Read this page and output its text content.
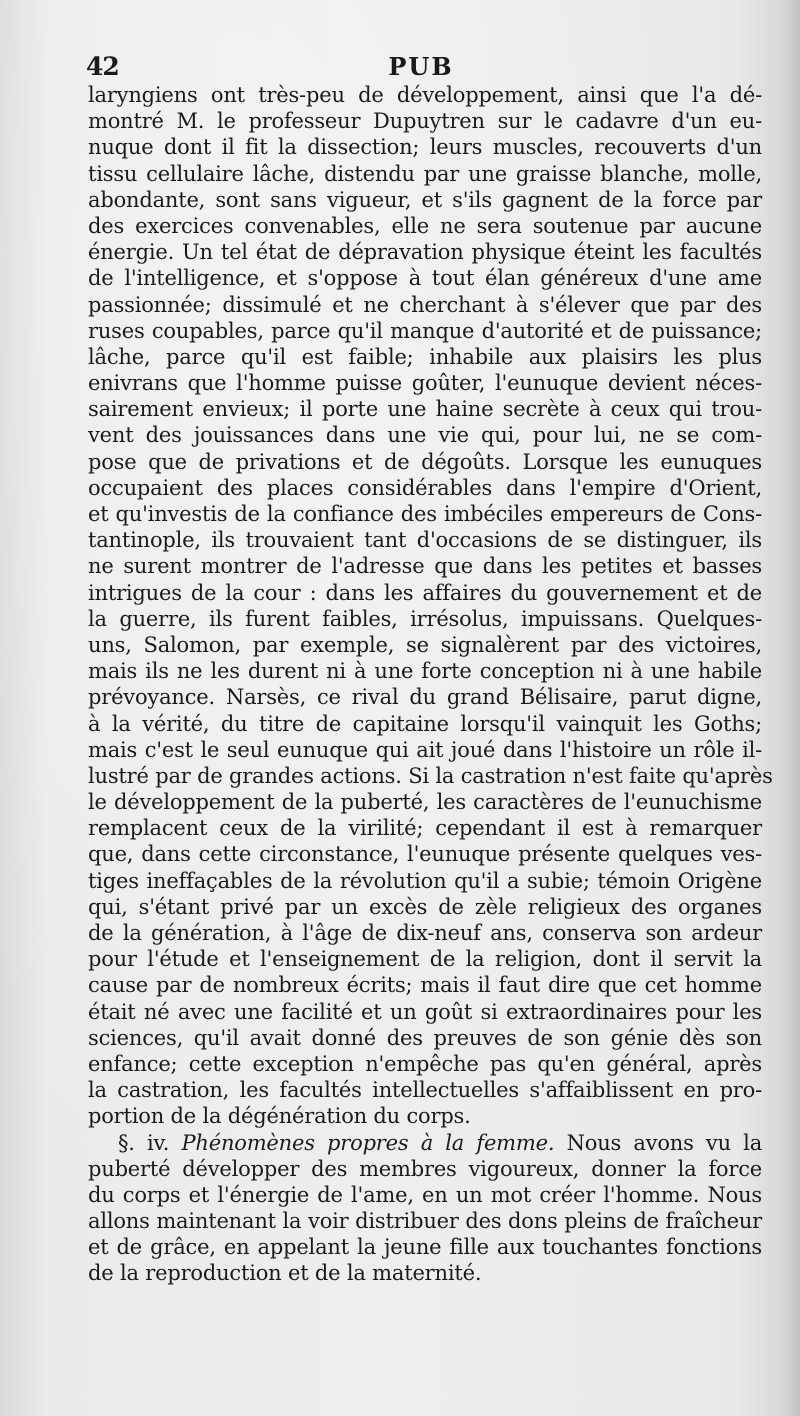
42	PUB
laryngiens ont très-peu de développement, ainsi que l'a dé-
montré M. le professeur Dupuytren sur le cadavre d'un eu-
nuque dont il fit la dissection; leurs muscles, recouverts d'un
tissu cellulaire lâche, distendu par une graisse blanche, molle,
abondante, sont sans vigueur, et s'ils gagnent de la force par
des exercices convenables, elle ne sera soutenue par aucune
énergie. Un tel état de dépravation physique éteint les facultés
de l'intelligence, et s'oppose à tout élan généreux d'une ame
passionnée; dissimulé et ne cherchant à s'élever que par des
ruses coupables, parce qu'il manque d'autorité et de puissance;
lâche, parce qu'il est faible; inhabile aux plaisirs les plus
enivrans que l'homme puisse goûter, l'eunuque devient néces-
sairement envieux; il porte une haine secrète à ceux qui trou-
vent des jouissances dans une vie qui, pour lui, ne se com-
pose que de privations et de dégoûts. Lorsque les eunuques
occupaient des places considérables dans l'empire d'Orient,
et qu'investis de la confiance des imbéciles empereurs de Cons-
tantinople, ils trouvaient tant d'occasions de se distinguer, ils
ne surent montrer de l'adresse que dans les petites et basses
intrigues de la cour : dans les affaires du gouvernement et de
la guerre, ils furent faibles, irrésolus, impuissans. Quelques-
uns, Salomon, par exemple, se signalèrent par des victoires,
mais ils ne les durent ni à une forte conception ni à une habile
prévoyance. Narsès, ce rival du grand Bélisaire, parut digne,
à la vérité, du titre de capitaine lorsqu'il vainquit les Goths;
mais c'est le seul eunuque qui ait joué dans l'histoire un rôle il-
lustré par de grandes actions. Si la castration n'est faite qu'après
le développement de la puberté, les caractères de l'eunuchisme
remplacent ceux de la virilité; cependant il est à remarquer
que, dans cette circonstance, l'eunuque présente quelques ves-
tiges ineffaçables de la révolution qu'il a subie; témoin Origène
qui, s'étant privé par un excès de zèle religieux des organes
de la génération, à l'âge de dix-neuf ans, conserva son ardeur
pour l'étude et l'enseignement de la religion, dont il servit la
cause par de nombreux écrits; mais il faut dire que cet homme
était né avec une facilité et un goût si extraordinaires pour les
sciences, qu'il avait donné des preuves de son génie dès son
enfance; cette exception n'empêche pas qu'en général, après
la castration, les facultés intellectuelles s'affaiblissent en pro-
portion de la dégénération du corps.
§. iv. Phénomènes propres à la femme. Nous avons vu la
puberté développer des membres vigoureux, donner la force
du corps et l'énergie de l'ame, en un mot créer l'homme. Nous
allons maintenant la voir distribuer des dons pleins de fraîcheur
et de grâce, en appelant la jeune fille aux touchantes fonctions
de la reproduction et de la maternité.
